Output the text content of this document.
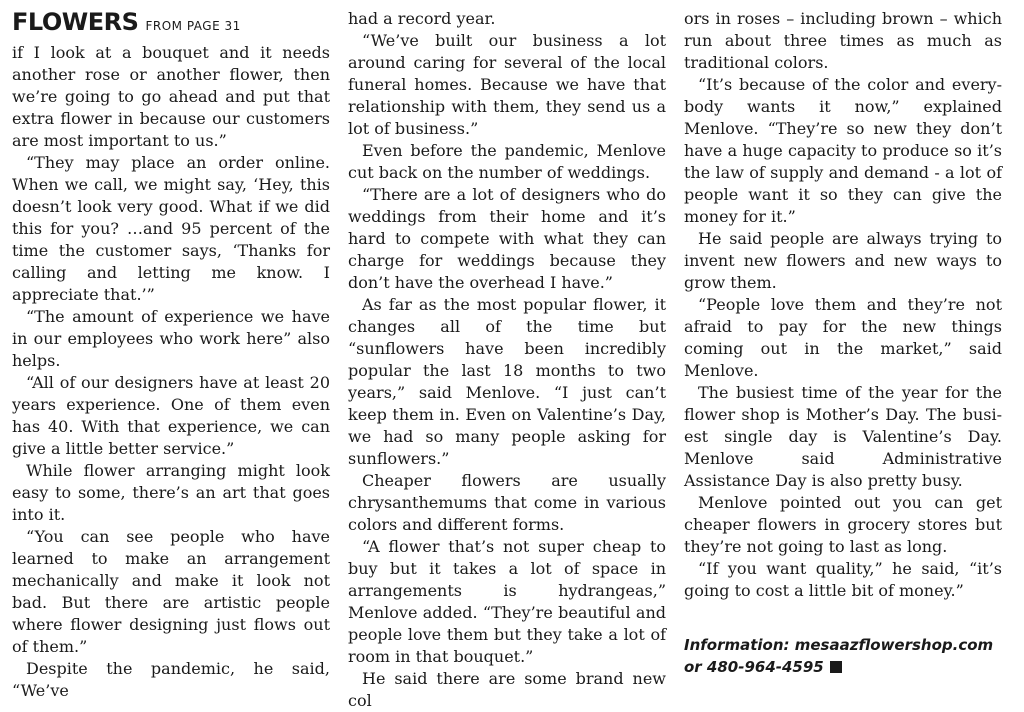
FLOWERS FROM PAGE 31

if I look at a bouquet and it needs another rose or another flower, then we’re going to go ahead and put that extra flower in because our customers are most important to us.”

“They may place an order online. When we call, we might say, ‘Hey, this doesn’t look very good. What if we did this for you? …and 95 percent of the time the customer says, ‘Thanks for calling and letting me know. I appreciate that.’”

“The amount of experience we have in our employees who work here” also helps.

“All of our designers have at least 20 years experience. One of them even has 40. With that experience, we can give a little better service.”

While flower arranging might look easy to some, there’s an art that goes into it.

“You can see people who have learned to make an arrangement mechanically and make it look not bad. But there are artistic people where flower designing just flows out of them.”

Despite the pandemic, he said, “We’ve

had a record year.

“We’ve built our business a lot around caring for several of the local funeral homes. Because we have that relationship with them, they send us a lot of business.”

Even before the pandemic, Menlove cut back on the number of weddings.

“There are a lot of designers who do weddings from their home and it’s hard to compete with what they can charge for weddings because they don’t have the overhead I have.”

As far as the most popular flower, it changes all of the time but “sunflowers have been incredibly popular the last 18 months to two years,” said Menlove. “I just can’t keep them in. Even on Valentine’s Day, we had so many people asking for sunflowers.”

Cheaper flowers are usually chrysanthemums that come in various colors and different forms.

“A flower that’s not super cheap to buy but it takes a lot of space in arrangements is hydrangeas,” Menlove added. “They’re beautiful and people love them but they take a lot of room in that bouquet.”

He said there are some brand new col

ors in roses – including brown – which run about three times as much as traditional colors.

“It’s because of the color and everybody wants it now,” explained Menlove. “They’re so new they don’t have a huge capacity to produce so it’s the law of supply and demand - a lot of people want it so they can give the money for it.”

He said people are always trying to invent new flowers and new ways to grow them.

“People love them and they’re not afraid to pay for the new things coming out in the market,” said Menlove.

The busiest time of the year for the flower shop is Mother’s Day. The busiest single day is Valentine’s Day. Menlove said Administrative Assistance Day is also pretty busy.

Menlove pointed out you can get cheaper flowers in grocery stores but they’re not going to last as long.

“If you want quality,” he said, “it’s going to cost a little bit of money.”

Information: mesaazflowershop.com or 480-964-4595
